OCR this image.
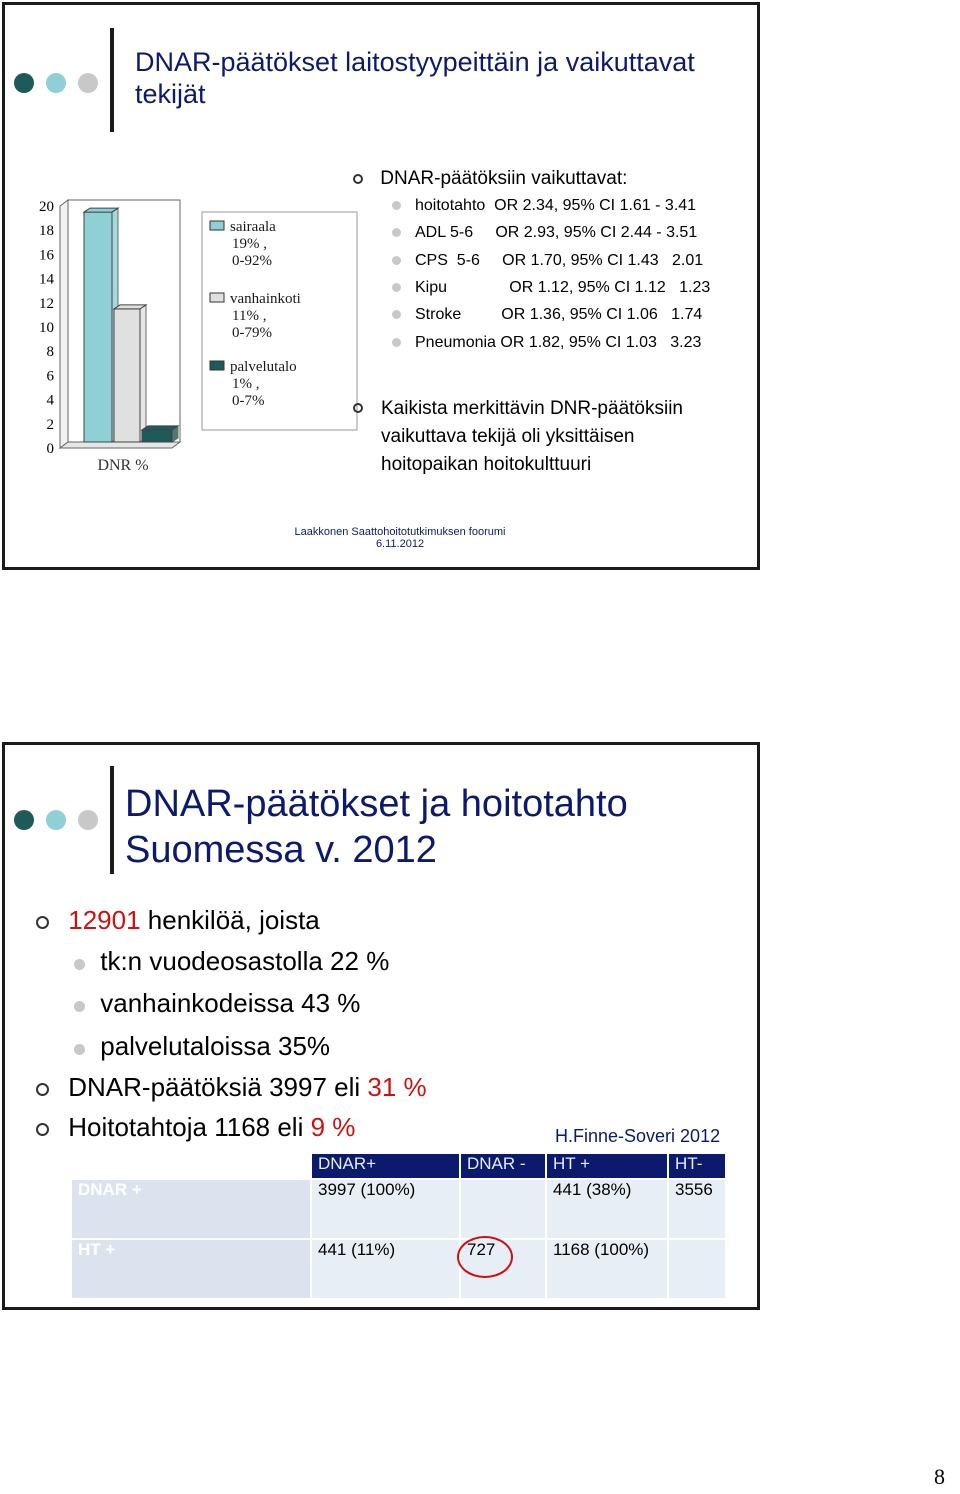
DNAR-päätökset laitostyypeittäin ja vaikuttavat tekijät
0
2
4
6
8
10
12
14
16
18
20
DNR %
sairaala
19% ,
0-92%
vanhainkoti
11% ,
0-79%
palvelutalo
1% ,
0-7%
DNAR-päätöksiin vaikuttavat:
hoitotahto  OR 2.34, 95% CI 1.61 - 3.41
ADL 5-6     OR 2.93, 95% CI 2.44 - 3.51
CPS  5-6     OR 1.70, 95% CI 1.43   2.01
Kipu              OR 1.12, 95% CI 1.12   1.23
Stroke         OR 1.36, 95% CI 1.06   1.74
Pneumonia OR 1.82, 95% CI 1.03   3.23
Kaikista merkittävin DNR-päätöksiin
vaikuttava tekijä oli yksittäisen
hoitopaikan hoitokulttuuri
Laakkonen Saattohoitotutkimuksen foorumi
6.11.2012
DNAR-päätökset ja hoitotahto
Suomessa v. 2012
12901 henkilöä, joista
tk:n vuodeosastolla 22 %
vanhainkodeissa 43 %
palvelutaloissa 35%
DNAR-päätöksiä 3997 eli 31 %
Hoitotahtoja 1168 eli 9 %	H.Finne-Soveri 2012
	DNAR+	DNAR -	HT +	HT-
DNAR +	3997 (100%)		441 (38%)	3556
HT +	441 (11%)	727	1168 (100%)	
8
